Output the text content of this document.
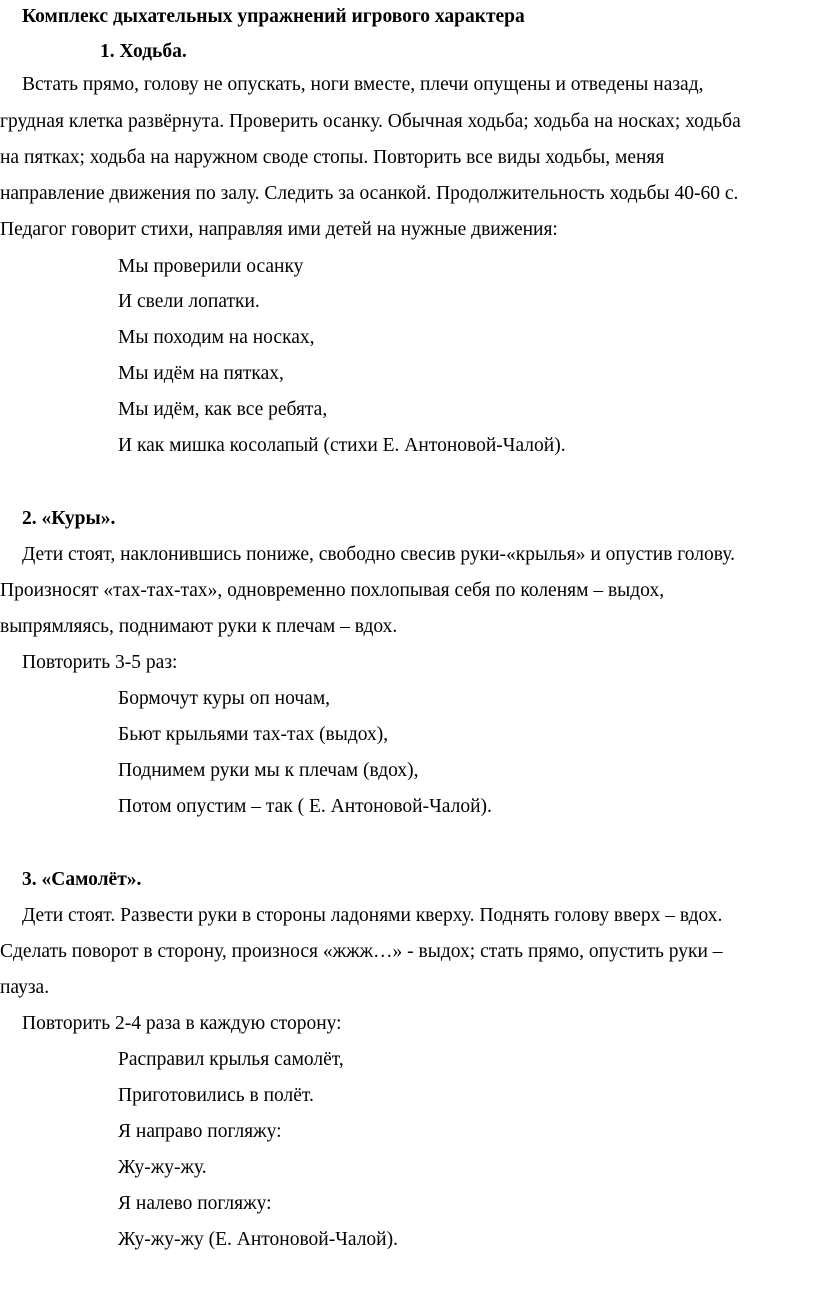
Комплекс дыхательных упражнений игрового характера
1. Ходьба.
Встать прямо, голову не опускать, ноги вместе, плечи опущены и отведены назад,
грудная клетка развёрнута. Проверить осанку. Обычная ходьба; ходьба на носках; ходьба
на пятках; ходьба на наружном своде стопы. Повторить все виды ходьбы, меняя
направление движения по залу. Следить за осанкой. Продолжительность ходьбы 40-60 с.
Педагог говорит стихи, направляя ими детей на нужные движения:
Мы проверили осанку
И свели лопатки.
Мы походим на носках,
Мы идём на пятках,
Мы идём, как все ребята,
И как мишка косолапый (стихи Е. Антоновой-Чалой).
2. «Куры».
Дети стоят, наклонившись пониже, свободно свесив руки-«крылья» и опустив голову.
Произносят «тах-тах-тах», одновременно похлопывая себя по коленям – выдох,
выпрямляясь, поднимают руки к плечам – вдох.
Повторить 3-5 раз:
Бормочут куры оп ночам,
Бьют крыльями тах-тах (выдох),
Поднимем руки мы к плечам (вдох),
Потом опустим – так ( Е. Антоновой-Чалой).
3. «Самолёт».
Дети стоят. Развести руки в стороны ладонями кверху. Поднять голову вверх – вдох.
Сделать поворот в сторону, произнося «жжж…» - выдох; стать прямо, опустить руки –
пауза.
Повторить 2-4 раза в каждую сторону:
Расправил крылья самолёт,
Приготовились в полёт.
Я направо погляжу:
Жу-жу-жу.
Я налево погляжу:
Жу-жу-жу (Е. Антоновой-Чалой).
